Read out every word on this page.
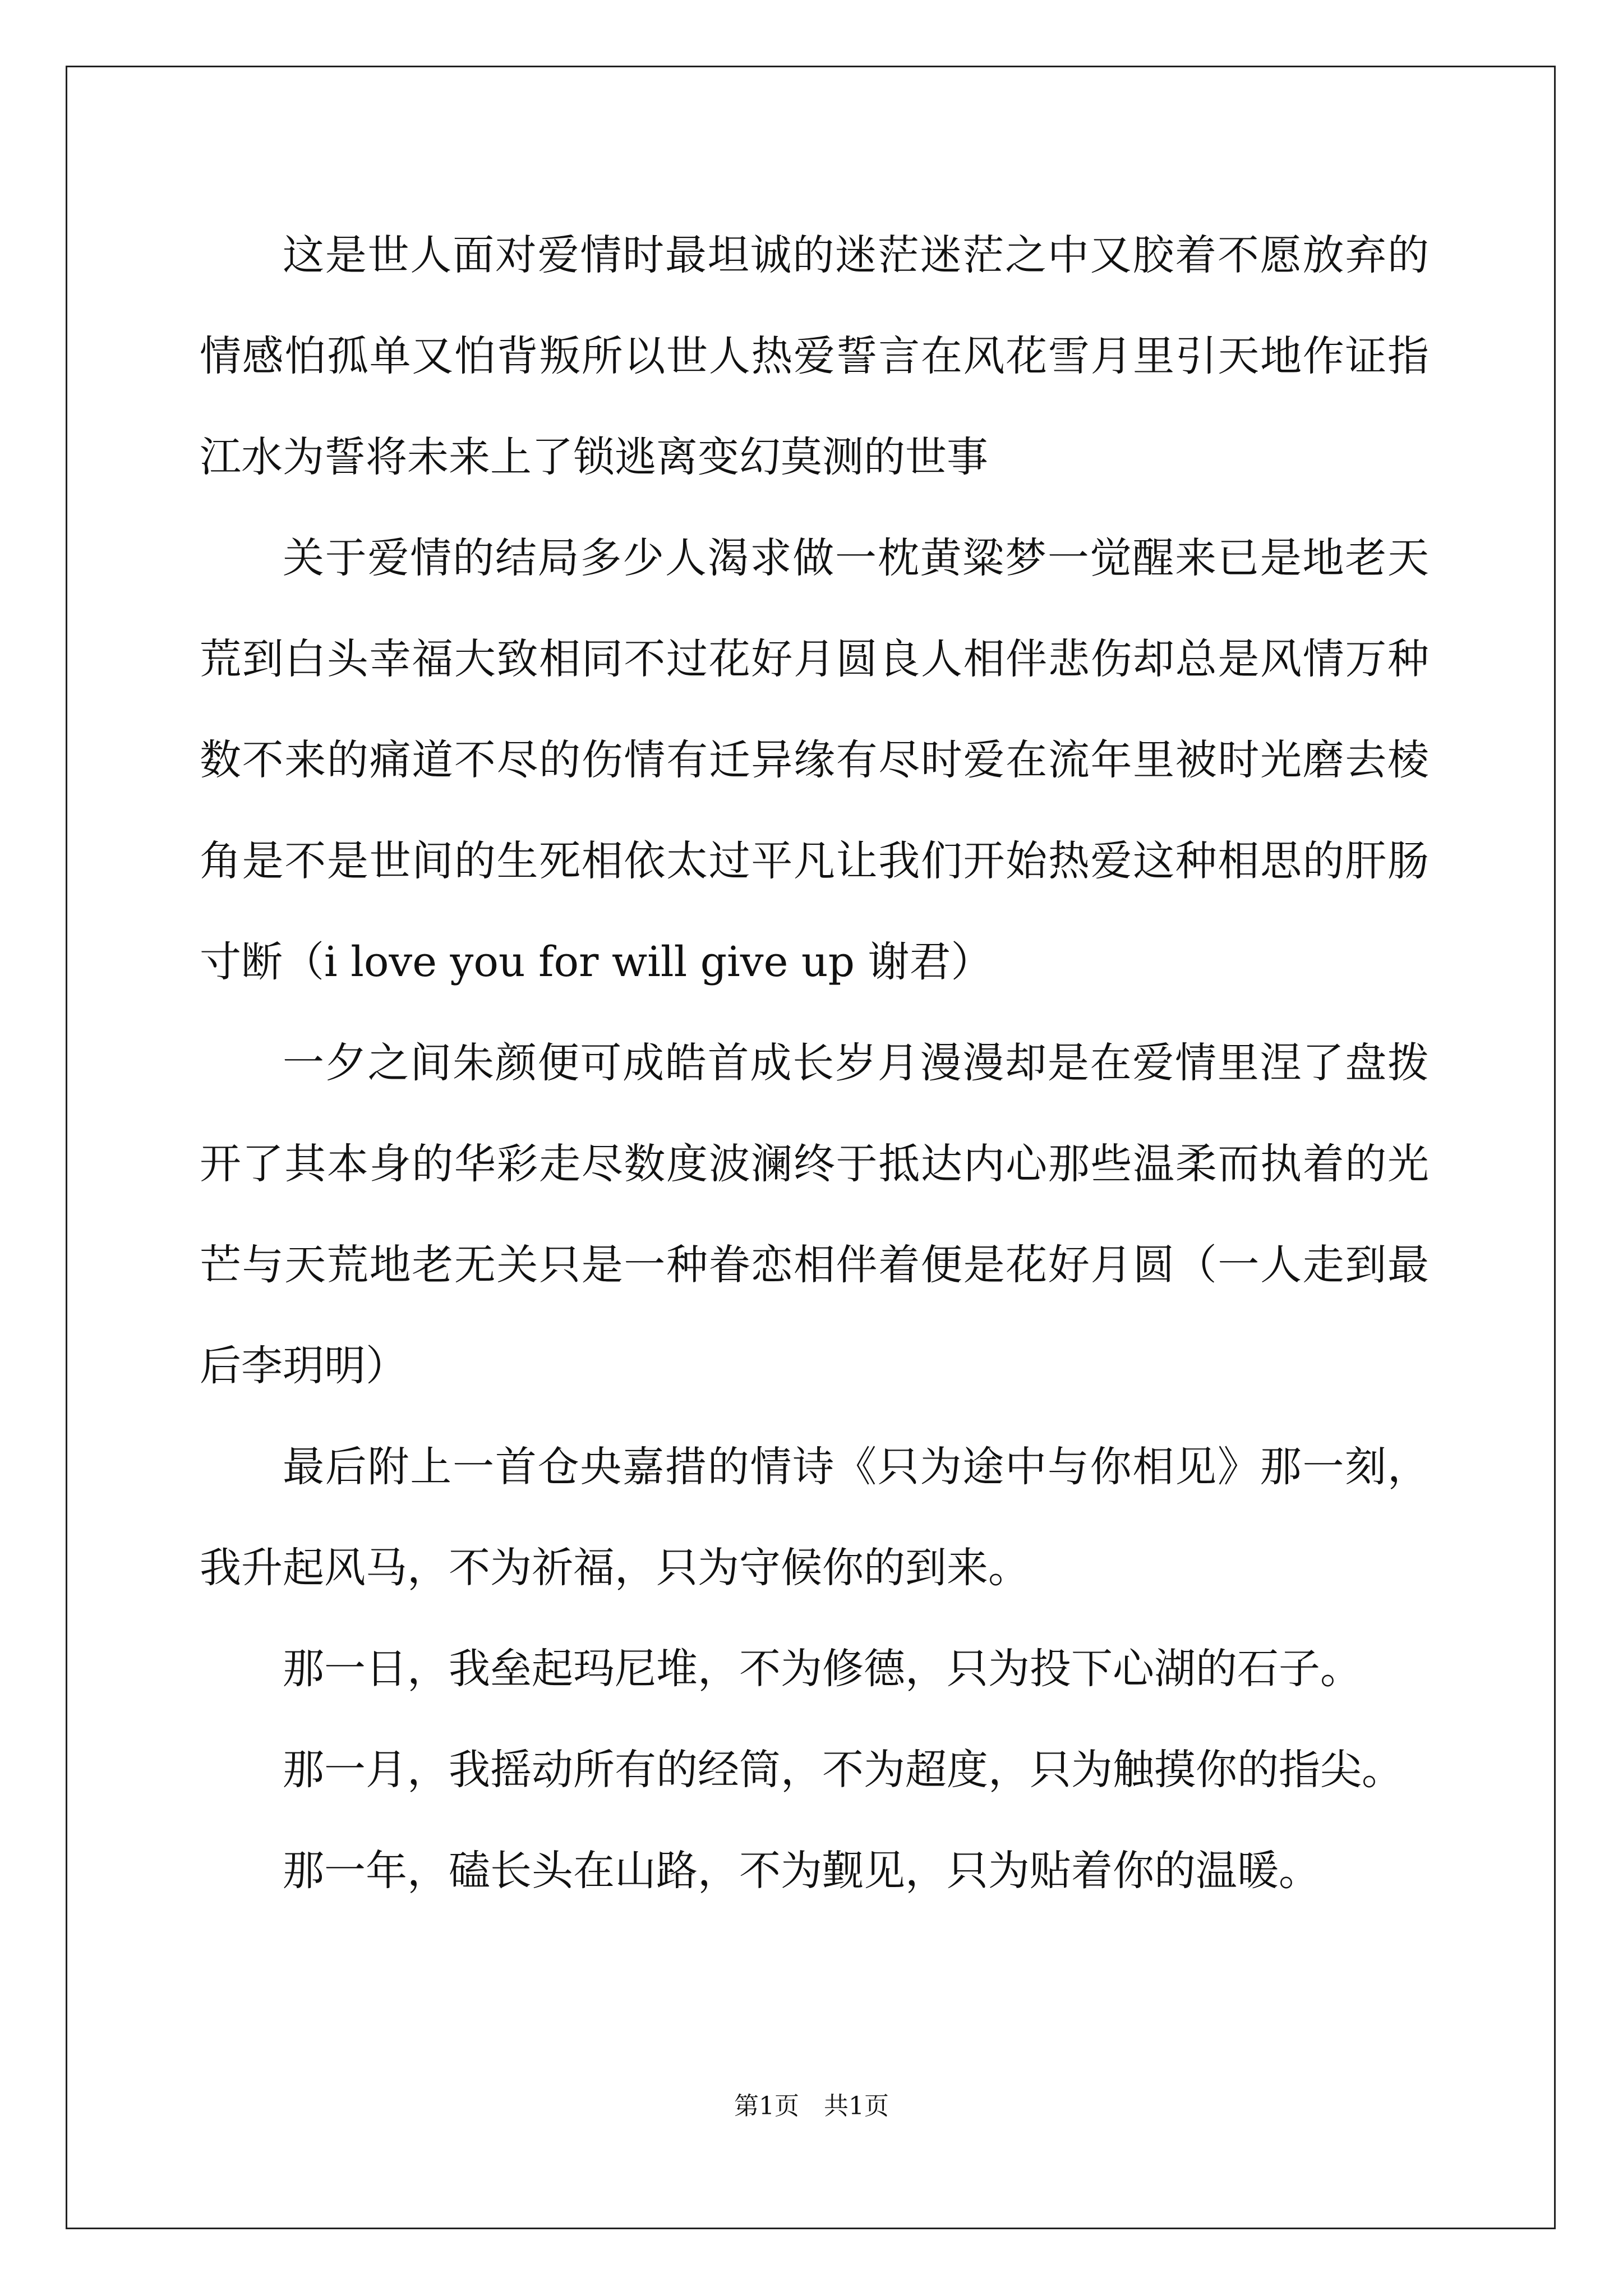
这是世人面对爱情时最坦诚的迷茫迷茫之中又胶着不愿放弃的情感怕孤单又怕背叛所以世人热爱誓言在风花雪月里引天地作证指江水为誓将未来上了锁逃离变幻莫测的世事

关于爱情的结局多少人渴求做一枕黄粱梦一觉醒来已是地老天荒到白头幸福大致相同不过花好月圆良人相伴悲伤却总是风情万种数不来的痛道不尽的伤情有迁异缘有尽时爱在流年里被时光磨去棱角是不是世间的生死相依太过平凡让我们开始热爱这种相思的肝肠寸断（i love you for will give up 谢君）

一夕之间朱颜便可成皓首成长岁月漫漫却是在爱情里涅了盘拨开了其本身的华彩走尽数度波澜终于抵达内心那些温柔而执着的光芒与天荒地老无关只是一种眷恋相伴着便是花好月圆（一人走到最后李玥明）

最后附上一首仓央嘉措的情诗《只为途中与你相见》那一刻，我升起风马，不为祈福，只为守候你的到来。

那一日，我垒起玛尼堆，不为修德，只为投下心湖的石子。

那一月，我摇动所有的经筒，不为超度，只为触摸你的指尖。

那一年，磕长头在山路，不为觐见，只为贴着你的温暖。

第1页　共1页
